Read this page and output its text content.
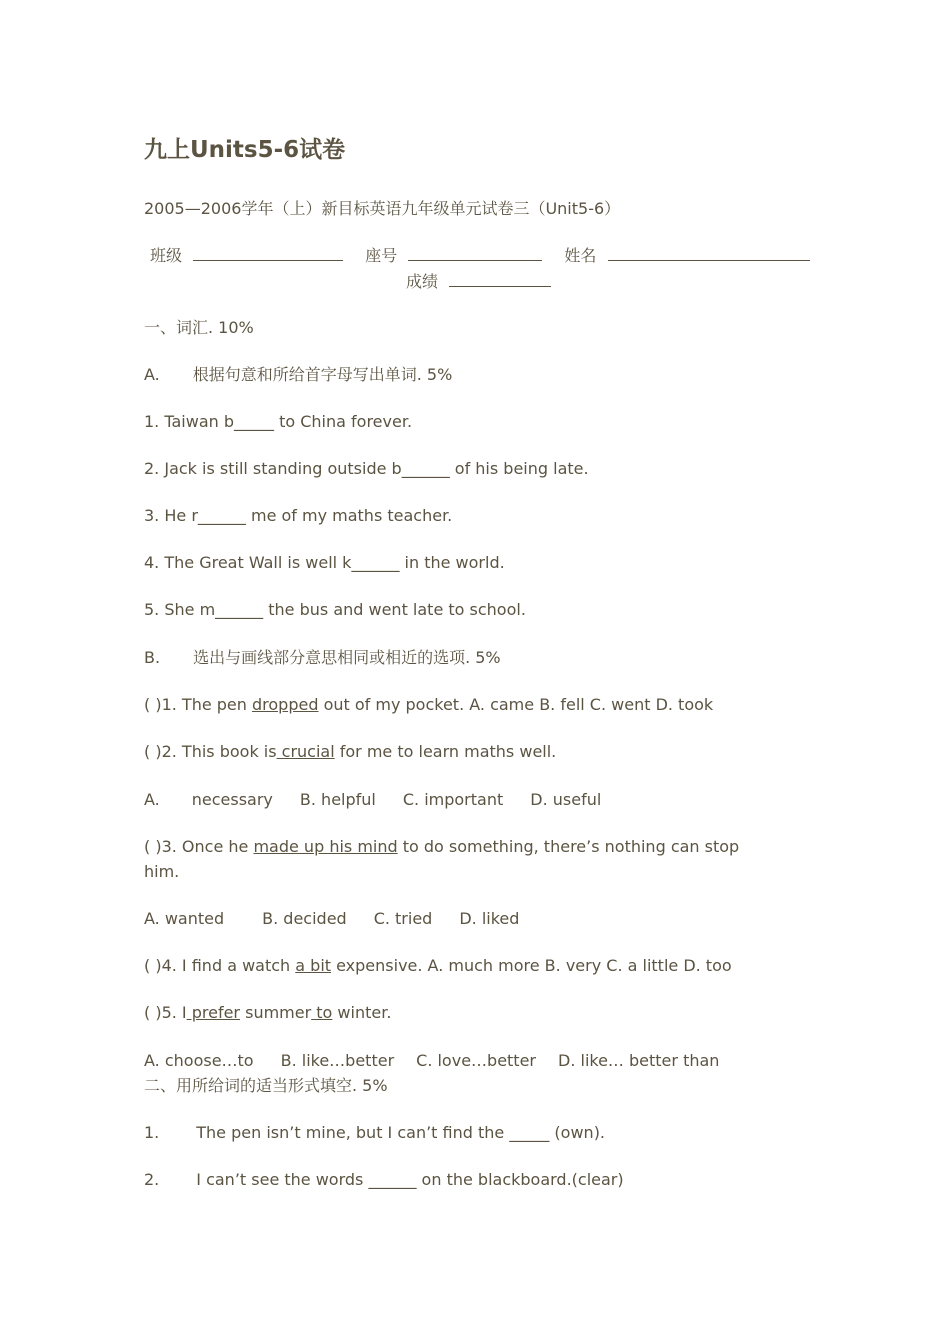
九上Units5-6试卷
2005—2006学年（上）新目标英语九年级单元试卷三（Unit5-6）
班级	座号	姓名
成绩
一、词汇. 10%
A. 根据句意和所给首字母写出单词. 5%
1. Taiwan b_____ to China forever.
2. Jack is still standing outside b______ of his being late.
3. He r______ me of my maths teacher.
4. The Great Wall is well k______ in the world.
5. She m______ the bus and went late to school.
B. 选出与画线部分意思相同或相近的选项. 5%
( )1. The pen dropped out of my pocket. A. came B. fell C. went D. took
( )2. This book is crucial for me to learn maths well.
A. necessary B. helpful C. important D. useful
( )3. Once he made up his mind to do something, there’s nothing can stop
him.
A. wanted B. decided C. tried D. liked
( )4. I find a watch a bit expensive. A. much more B. very C. a little D. too
( )5. I prefer summer to winter.
A. choose…to B. like…better C. love…better D. like… better than
二、用所给词的适当形式填空. 5%
1. The pen isn’t mine, but I can’t find the _____ (own).
2. I can’t see the words ______ on the blackboard.(clear)
